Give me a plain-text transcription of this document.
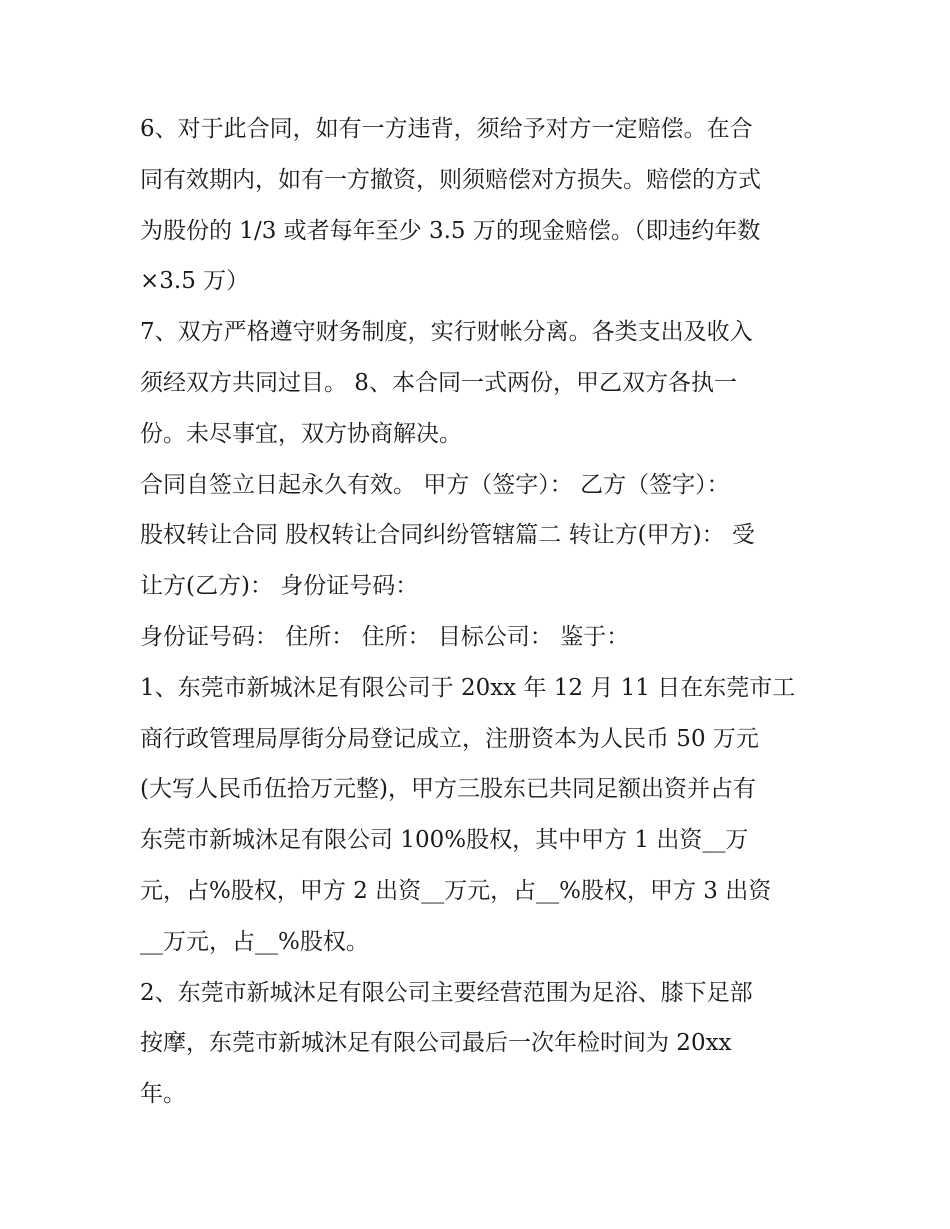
6、对于此合同，如有一方违背，须给予对方一定赔偿。在合
同有效期内，如有一方撤资，则须赔偿对方损失。赔偿的方式
为股份的 1/3 或者每年至少 3.5 万的现金赔偿。（即违约年数
×3.5 万）
7、双方严格遵守财务制度，实行财帐分离。各类支出及收入
须经双方共同过目。 8、本合同一式两份，甲乙双方各执一
份。未尽事宜，双方协商解决。
合同自签立日起永久有效。 甲方（签字）： 乙方（签字）：
股权转让合同 股权转让合同纠纷管辖篇二 转让方(甲方)： 受
让方(乙方)： 身份证号码：
身份证号码： 住所： 住所： 目标公司： 鉴于：
1、东莞市新城沐足有限公司于 20xx 年 12 月 11 日在东莞市工
商行政管理局厚街分局登记成立，注册资本为人民币 50 万元
(大写人民币伍拾万元整)，甲方三股东已共同足额出资并占有
东莞市新城沐足有限公司 100%股权，其中甲方 1 出资__万
元，占%股权，甲方 2 出资__万元，占__%股权，甲方 3 出资
__万元，占__%股权。
2、东莞市新城沐足有限公司主要经营范围为足浴、膝下足部
按摩，东莞市新城沐足有限公司最后一次年检时间为 20xx
年。
